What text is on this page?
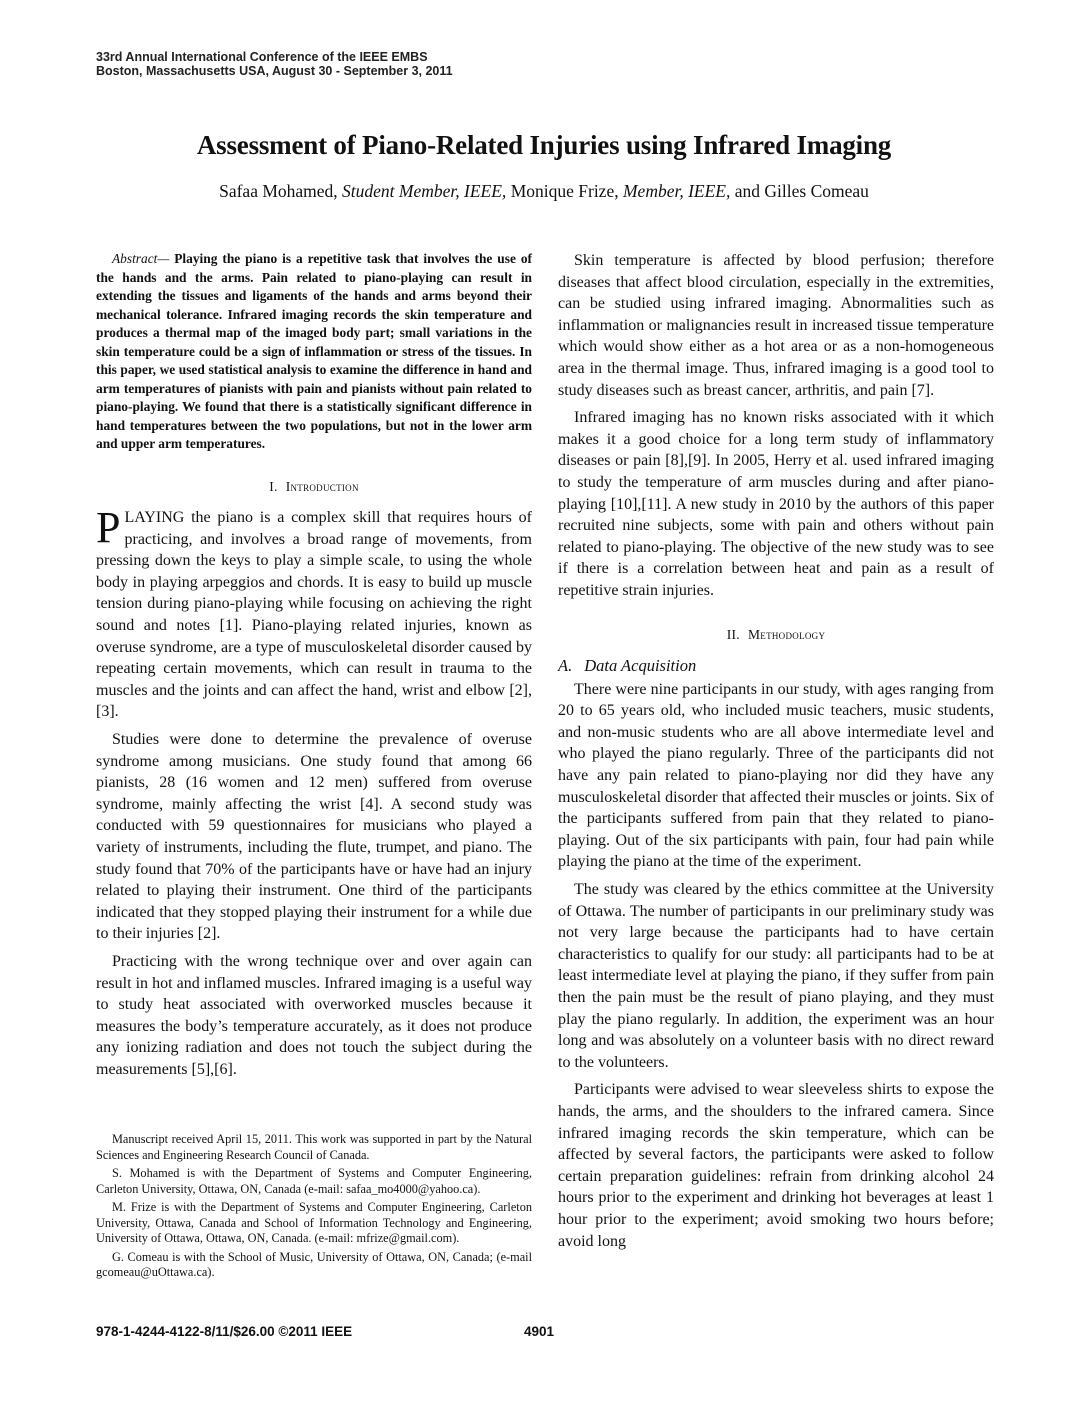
33rd Annual International Conference of the IEEE EMBS
Boston, Massachusetts USA, August 30 - September 3, 2011
Assessment of Piano-Related Injuries using Infrared Imaging
Safaa Mohamed, Student Member, IEEE, Monique Frize, Member, IEEE, and Gilles Comeau
Abstract— Playing the piano is a repetitive task that involves the use of the hands and the arms. Pain related to piano-playing can result in extending the tissues and ligaments of the hands and arms beyond their mechanical tolerance. Infrared imaging records the skin temperature and produces a thermal map of the imaged body part; small variations in the skin temperature could be a sign of inflammation or stress of the tissues. In this paper, we used statistical analysis to examine the difference in hand and arm temperatures of pianists with pain and pianists without pain related to piano-playing. We found that there is a statistically significant difference in hand temperatures between the two populations, but not in the lower arm and upper arm temperatures.
I. Introduction

PLAYING the piano is a complex skill that requires hours of practicing, and involves a broad range of movements, from pressing down the keys to play a simple scale, to using the whole body in playing arpeggios and chords. It is easy to build up muscle tension during piano-playing while focusing on achieving the right sound and notes [1]. Piano-playing related injuries, known as overuse syndrome, are a type of musculoskeletal disorder caused by repeating certain movements, which can result in trauma to the muscles and the joints and can affect the hand, wrist and elbow [2],[3].

Studies were done to determine the prevalence of overuse syndrome among musicians. One study found that among 66 pianists, 28 (16 women and 12 men) suffered from overuse syndrome, mainly affecting the wrist [4]. A second study was conducted with 59 questionnaires for musicians who played a variety of instruments, including the flute, trumpet, and piano. The study found that 70% of the participants have or have had an injury related to playing their instrument. One third of the participants indicated that they stopped playing their instrument for a while due to their injuries [2].

Practicing with the wrong technique over and over again can result in hot and inflamed muscles. Infrared imaging is a useful way to study heat associated with overworked muscles because it measures the body’s temperature accurately, as it does not produce any ionizing radiation and does not touch the subject during the measurements [5],[6].

Manuscript received April 15, 2011. This work was supported in part by the Natural Sciences and Engineering Research Council of Canada.

S. Mohamed is with the Department of Systems and Computer Engineering, Carleton University, Ottawa, ON, Canada (e-mail: safaa_mo4000@yahoo.ca).

M. Frize is with the Department of Systems and Computer Engineering, Carleton University, Ottawa, Canada and School of Information Technology and Engineering, University of Ottawa, Ottawa, ON, Canada. (e-mail: mfrize@gmail.com).

G. Comeau is with the School of Music, University of Ottawa, ON, Canada; (e-mail gcomeau@uOttawa.ca).

Skin temperature is affected by blood perfusion; therefore diseases that affect blood circulation, especially in the extremities, can be studied using infrared imaging. Abnormalities such as inflammation or malignancies result in increased tissue temperature which would show either as a hot area or as a non-homogeneous area in the thermal image. Thus, infrared imaging is a good tool to study diseases such as breast cancer, arthritis, and pain [7].

Infrared imaging has no known risks associated with it which makes it a good choice for a long term study of inflammatory diseases or pain [8],[9]. In 2005, Herry et al. used infrared imaging to study the temperature of arm muscles during and after piano-playing [10],[11]. A new study in 2010 by the authors of this paper recruited nine subjects, some with pain and others without pain related to piano-playing. The objective of the new study was to see if there is a correlation between heat and pain as a result of repetitive strain injuries.

II. Methodology
A. Data Acquisition

There were nine participants in our study, with ages ranging from 20 to 65 years old, who included music teachers, music students, and non-music students who are all above intermediate level and who played the piano regularly. Three of the participants did not have any pain related to piano-playing nor did they have any musculoskeletal disorder that affected their muscles or joints. Six of the participants suffered from pain that they related to piano-playing. Out of the six participants with pain, four had pain while playing the piano at the time of the experiment.

The study was cleared by the ethics committee at the University of Ottawa. The number of participants in our preliminary study was not very large because the participants had to have certain characteristics to qualify for our study: all participants had to be at least intermediate level at playing the piano, if they suffer from pain then the pain must be the result of piano playing, and they must play the piano regularly. In addition, the experiment was an hour long and was absolutely on a volunteer basis with no direct reward to the volunteers.

Participants were advised to wear sleeveless shirts to expose the hands, the arms, and the shoulders to the infrared camera. Since infrared imaging records the skin temperature, which can be affected by several factors, the participants were asked to follow certain preparation guidelines: refrain from drinking alcohol 24 hours prior to the experiment and drinking hot beverages at least 1 hour prior to the experiment; avoid smoking two hours before; avoid long

978-1-4244-4122-8/11/$26.00 ©2011 IEEE	4901
